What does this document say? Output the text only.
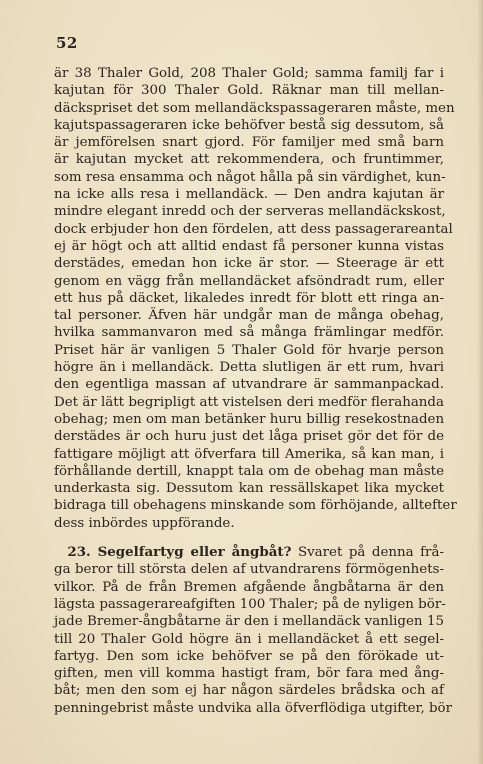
52
är 38 Thaler Gold, 208 Thaler Gold; samma familj far i
kajutan för 300 Thaler Gold. Räknar man till mellan-
däckspriset det som mellandäckspassageraren måste, men
kajutspassageraren icke behöfver bestå sig dessutom, så
är jemförelsen snart gjord. För familjer med små barn
är kajutan mycket att rekommendera, och fruntimmer,
som resa ensamma och något hålla på sin värdighet, kun-
na icke alls resa i mellandäck. — Den andra kajutan är
mindre elegant inredd och der serveras mellandäckskost,
dock erbjuder hon den fördelen, att dess passagerareantal
ej är högt och att alltid endast få personer kunna vistas
derstädes, emedan hon icke är stor. — Steerage är ett
genom en vägg från mellandäcket afsöndradt rum, eller
ett hus på däcket, likaledes inredt för blott ett ringa an-
tal personer. Äfven här undgår man de många obehag,
hvilka sammanvaron med så många främlingar medför.
Priset här är vanligen 5 Thaler Gold för hvarje person
högre än i mellandäck. Detta slutligen är ett rum, hvari
den egentliga massan af utvandrare är sammanpackad.
Det är lätt begripligt att vistelsen deri medför flerahanda
obehag; men om man betänker huru billig resekostnaden
derstädes är och huru just det låga priset gör det för de
fattigare möjligt att öfverfara till Amerika, så kan man, i
förhållande dertill, knappt tala om de obehag man måste
underkasta sig. Dessutom kan ressällskapet lika mycket
bidraga till obehagens minskande som förhöjande, alltefter
dess inbördes uppförande.
 23. Segelfartyg eller ångbåt? Svaret på denna frå-
ga beror till största delen af utvandrarens förmögenhets-
vilkor. På de från Bremen afgående ångbåtarna är den
lägsta passagerareafgiften 100 Thaler; på de nyligen bör-
jade Bremer-ångbåtarne är den i mellandäck vanligen 15
till 20 Thaler Gold högre än i mellandäcket å ett segel-
fartyg. Den som icke behöfver se på den förökade ut-
giften, men vill komma hastigt fram, bör fara med ång-
båt; men den som ej har någon särdeles brådska och af
penningebrist måste undvika alla öfverflödiga utgifter, bör
